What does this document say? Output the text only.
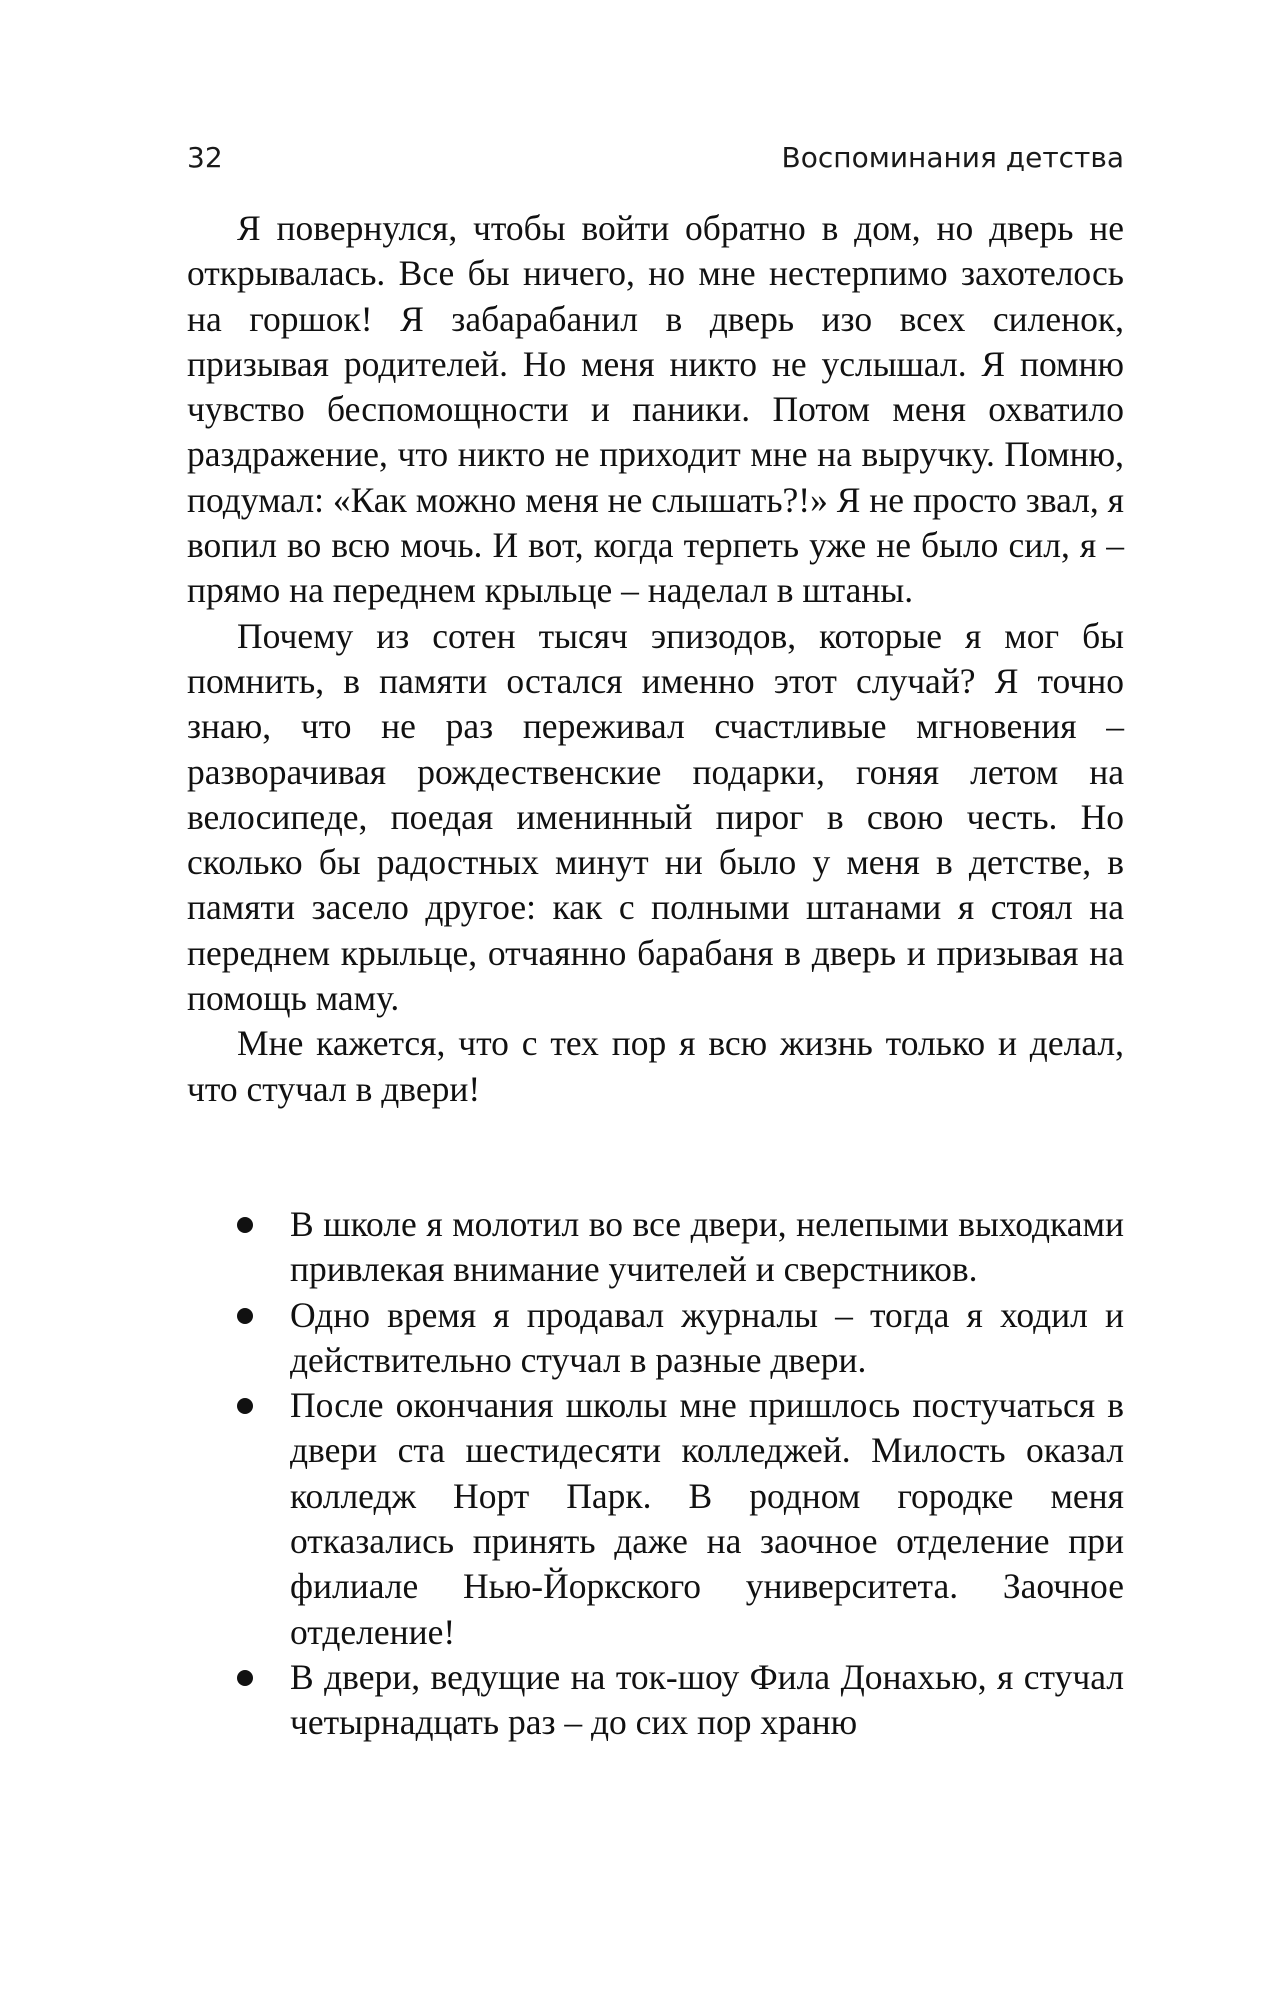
32	Воспоминания детства

Я повернулся, чтобы войти обратно в дом, но дверь не открывалась. Все бы ничего, но мне нестерпимо захотелось на горшок! Я забарабанил в дверь изо всех силенок, призывая родителей. Но меня никто не услышал. Я помню чувство беспомощности и паники. Потом меня охватило раздражение, что никто не приходит мне на выручку. Помню, подумал: «Как можно меня не слышать?!» Я не просто звал, я вопил во всю мочь. И вот, когда терпеть уже не было сил, я – прямо на переднем крыльце – наделал в штаны.

Почему из сотен тысяч эпизодов, которые я мог бы помнить, в памяти остался именно этот случай? Я точно знаю, что не раз переживал счастливые мгновения – разворачивая рождественские подарки, гоняя летом на велосипеде, поедая именинный пирог в свою честь. Но сколько бы радостных минут ни было у меня в детстве, в памяти засело другое: как с полными штанами я стоял на переднем крыльце, отчаянно барабаня в дверь и призывая на помощь маму.

Мне кажется, что с тех пор я всю жизнь только и делал, что стучал в двери!

В школе я молотил во все двери, нелепыми выходками привлекая внимание учителей и сверстников.
Одно время я продавал журналы – тогда я ходил и действительно стучал в разные двери.
После окончания школы мне пришлось постучаться в двери ста шестидесяти колледжей. Милость оказал колледж Норт Парк. В родном городке меня отказались принять даже на заочное отделение при филиале Нью-Йоркского университета. Заочное отделение!
В двери, ведущие на ток-шоу Фила Донахью, я стучал четырнадцать раз – до сих пор храню
